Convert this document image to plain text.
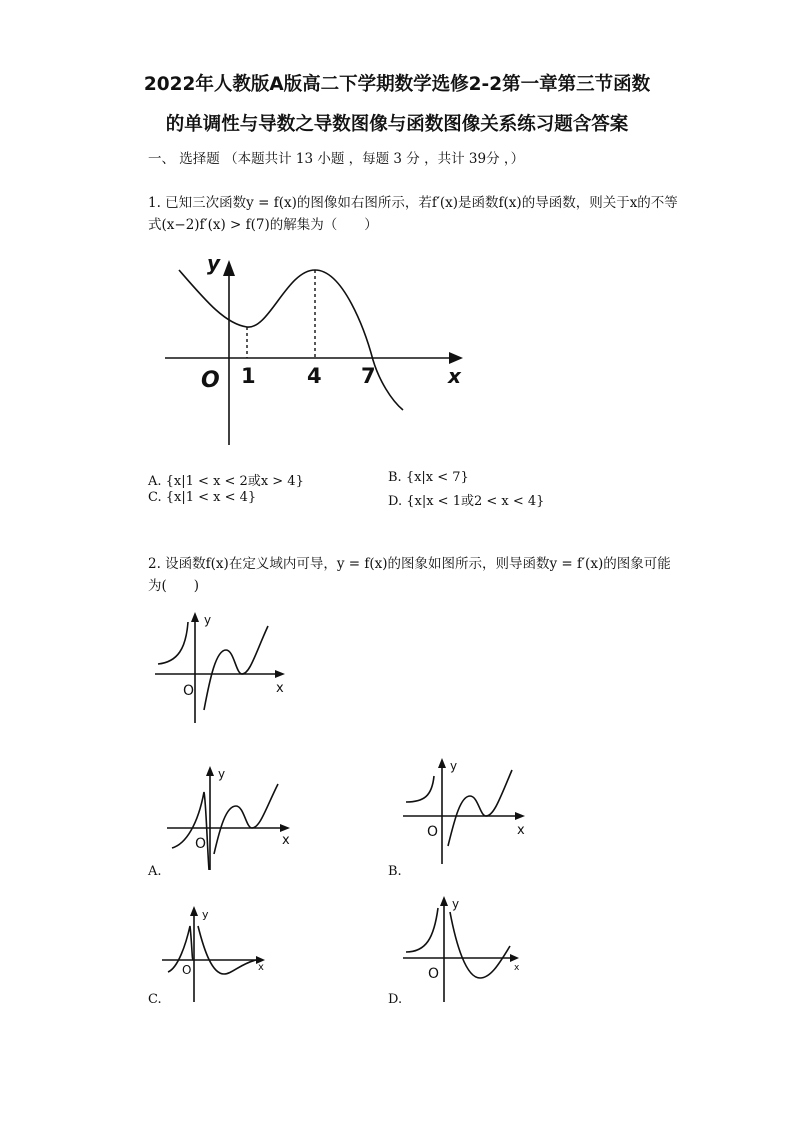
2022年人教版A版高二下学期数学选修2-2第一章第三节函数
的单调性与导数之导数图像与函数图像关系练习题含答案
一、 选择题 （本题共计 13 小题 ，每题 3 分 ，共计 39分 ，）
1. 已知三次函数y = f(x)的图像如右图所示，若f′(x)是函数f(x)的导函数，则关于x的不等式(x−2)f′(x) > f(7)的解集为（　　）
y
x
O 1 4 7
A. {x|1 < x < 2或x > 4}	B. {x|x < 7}
C. {x|1 < x < 4}	D. {x|x < 1或2 < x < 4}
2. 设函数f(x)在定义域内可导，y = f(x)的图象如图所示，则导函数y = f′(x)的图象可能为(　　)
y
x
O
y
x
O
A.
y
x
O
B.
y
x
O
C.
y
x
O
D.
